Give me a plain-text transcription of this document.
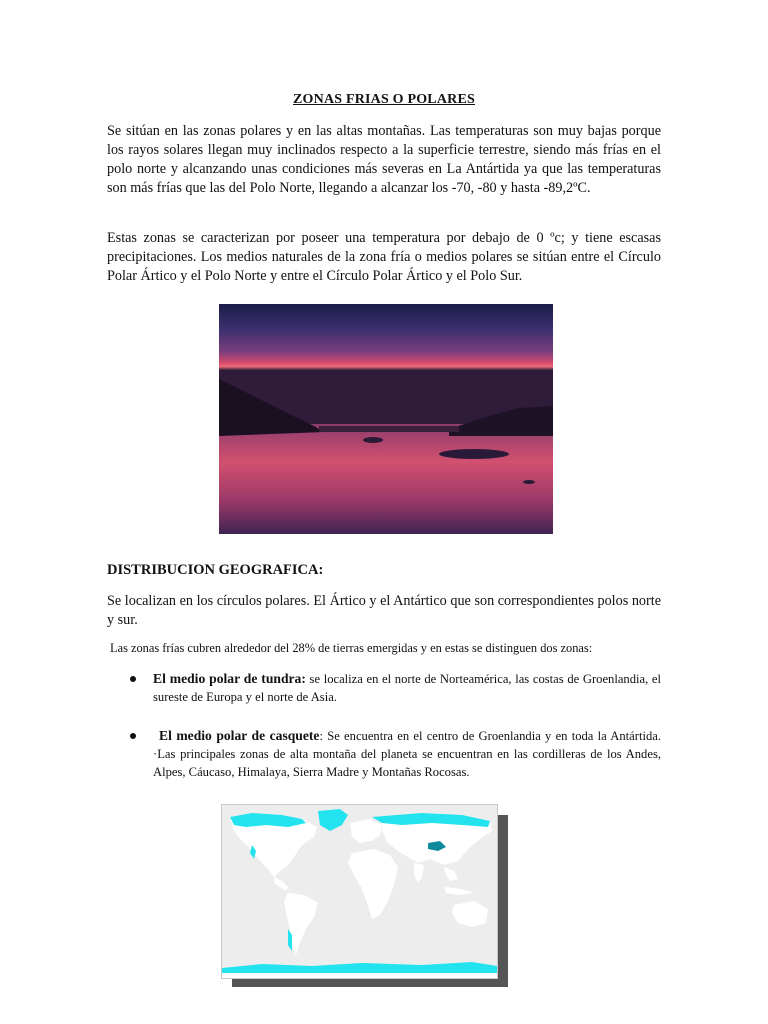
ZONAS FRIAS O POLARES

Se sitúan en las zonas polares y en las altas montañas. Las temperaturas son muy bajas porque los rayos solares llegan muy inclinados respecto a la superficie terrestre, siendo más frías en el polo norte y alcanzando unas condiciones más severas en La Antártida ya que las temperaturas son más frías que las del Polo Norte, llegando a alcanzar los -70, -80 y hasta -89,2ºC.

Estas zonas se caracterizan por poseer una temperatura por debajo de 0 ºc; y tiene escasas precipitaciones. Los medios naturales de la zona fría o medios polares se sitúan entre el Círculo Polar Ártico y el Polo Norte y entre el Círculo Polar Ártico y el Polo Sur.

DISTRIBUCION GEOGRAFICA:

Se localizan en los círculos polares. El Ártico y el Antártico que son correspondientes polos norte y sur.

Las zonas frías cubren alrededor del 28% de tierras emergidas y en estas se distinguen dos zonas:

El medio polar de tundra: se localiza en el norte de Norteamérica, las costas de Groenlandia, el sureste de Europa y el norte de Asia.

El medio polar de casquete: Se encuentra en el centro de Groenlandia y en toda la Antártida. ·Las principales zonas de alta montaña del planeta se encuentran en las cordilleras de los Andes, Alpes, Cáucaso, Himalaya, Sierra Madre y Montañas Rocosas.
